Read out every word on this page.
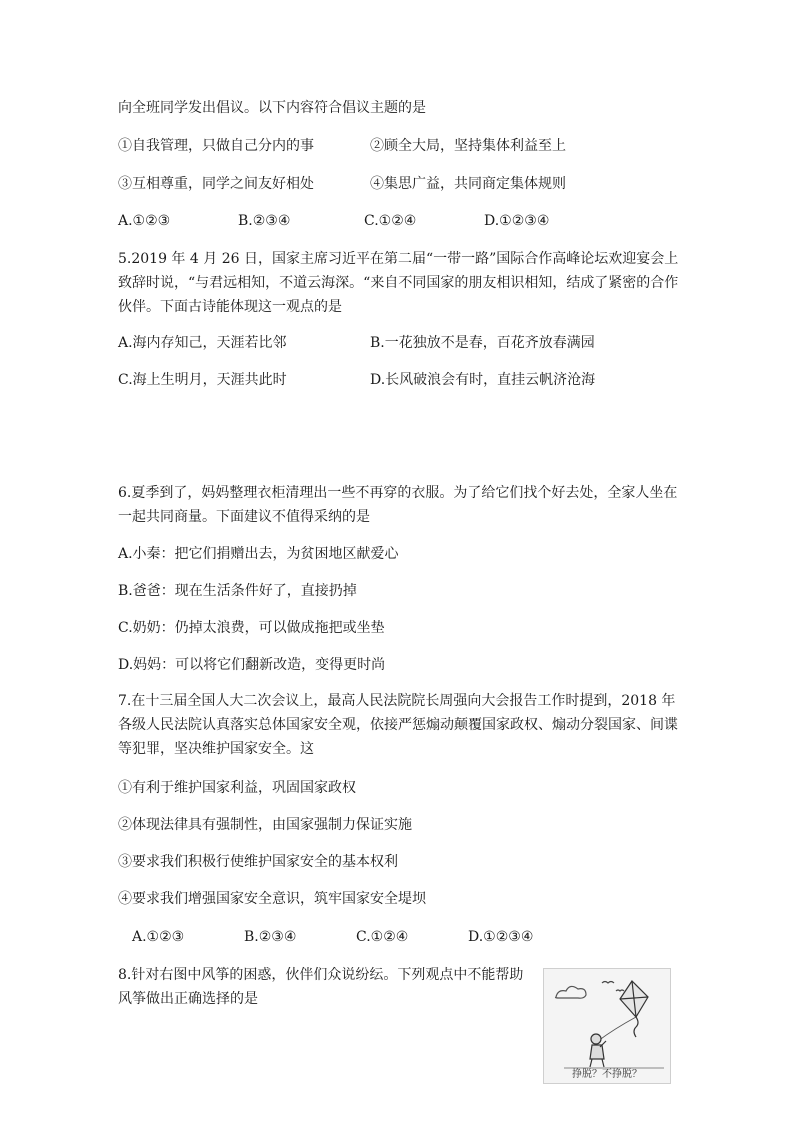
向全班同学发出倡议。以下内容符合倡议主题的是
①自我管理，只做自己分内的事	②顾全大局，坚持集体利益至上
③互相尊重，同学之间友好相处	④集思广益，共同商定集体规则
A.①②③	B.②③④	C.①②④	D.①②③④
5.2019 年 4 月 26 日，国家主席习近平在第二届“一带一路”国际合作高峰论坛欢迎宴会上
致辞时说，“与君远相知，不道云海深。“来自不同国家的朋友相识相知，结成了紧密的合作
伙伴。下面古诗能体现这一观点的是
A.海内存知己，天涯若比邻	B.一花独放不是春，百花齐放春满园
C.海上生明月，天涯共此时	D.长风破浪会有时，直挂云帆济沧海
6.夏季到了，妈妈整理衣柜清理出一些不再穿的衣服。为了给它们找个好去处，全家人坐在
一起共同商量。下面建议不值得采纳的是
A.小秦：把它们捐赠出去，为贫困地区献爱心
B.爸爸：现在生活条件好了，直接扔掉
C.奶奶：仍掉太浪费，可以做成拖把或坐垫
D.妈妈：可以将它们翻新改造，变得更时尚
7.在十三届全国人大二次会议上，最高人民法院院长周强向大会报告工作时提到，2018 年
各级人民法院认真落实总体国家安全观，依接严惩煽动颠覆国家政权、煽动分裂国家、间谍
等犯罪，坚决维护国家安全。这
①有利于维护国家利益，巩固国家政权
②体现法律具有强制性，由国家强制力保证实施
③要求我们积极行使维护国家安全的基本权利
④要求我们增强国家安全意识，筑牢国家安全堤坝
A.①②③	B.②③④	C.①②④	D.①②③④
8.针对右图中风筝的困惑，伙伴们众说纷纭。下列观点中不能帮助
风筝做出正确选择的是
挣脱？不挣脱？
